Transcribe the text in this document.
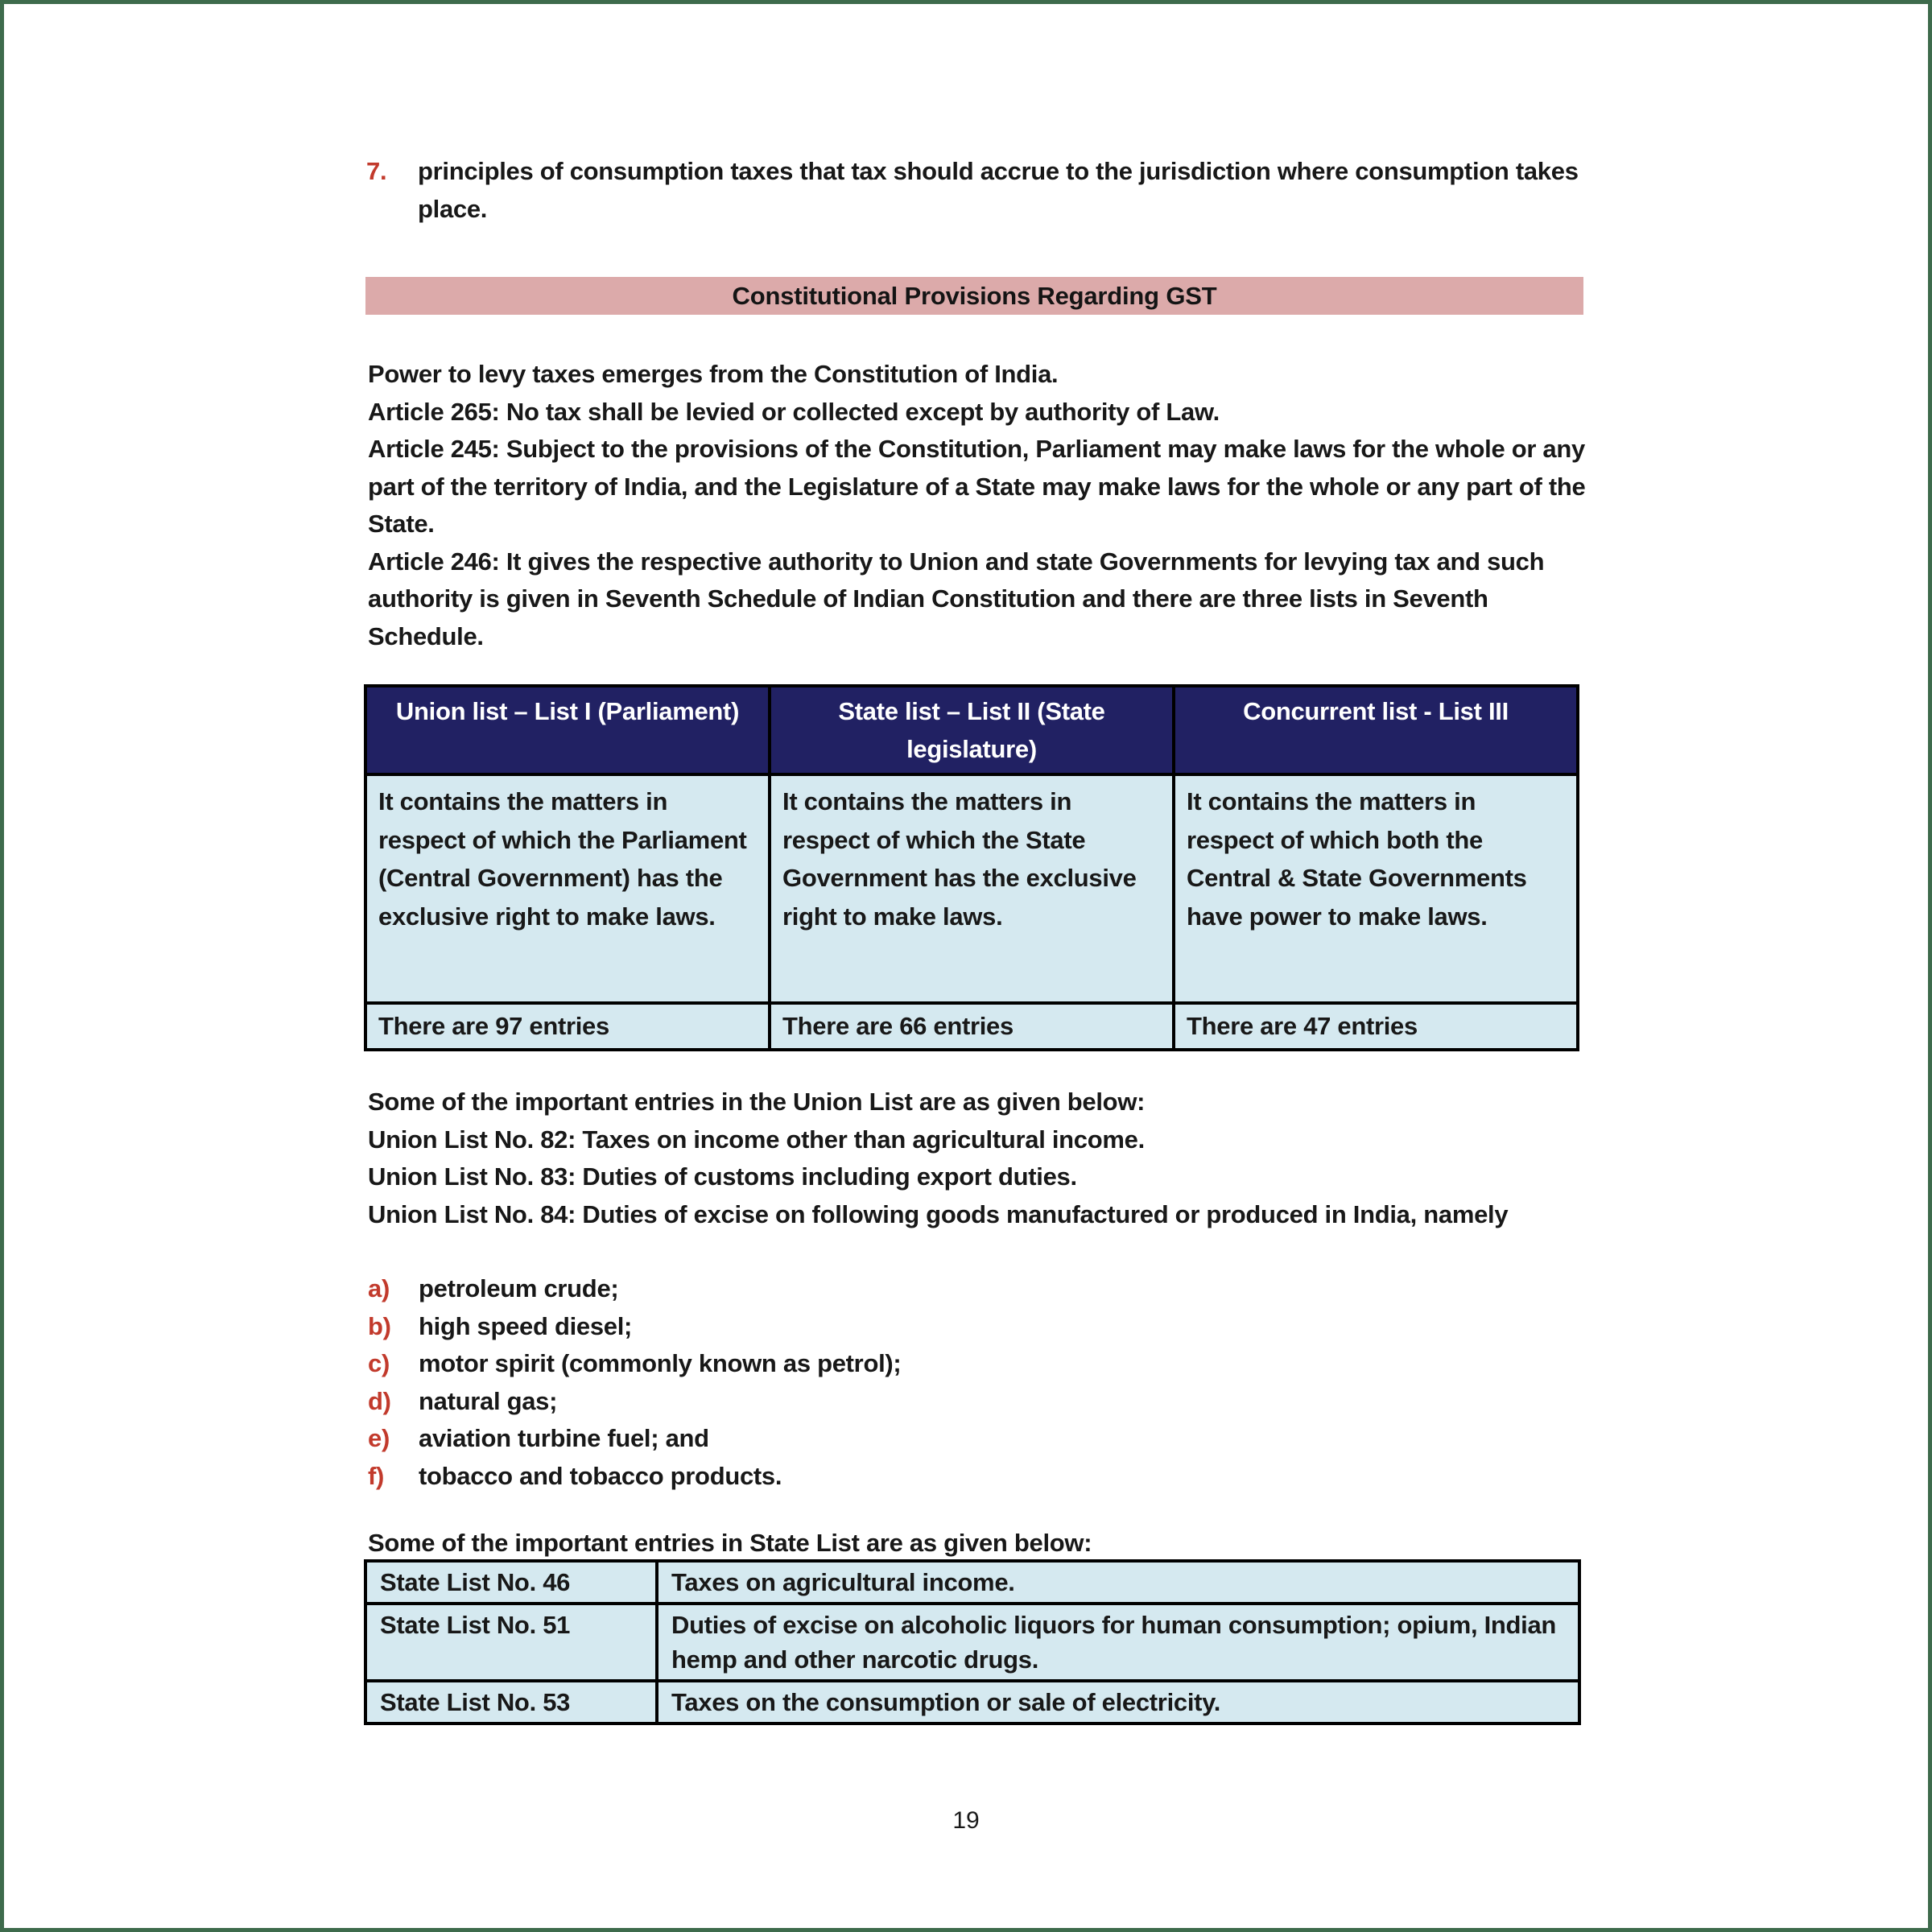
7.	principles of consumption taxes that tax should accrue to the jurisdiction where consumption takes place.
Constitutional Provisions Regarding GST

Power to levy taxes emerges from the Constitution of India.

Article 265: No tax shall be levied or collected except by authority of Law.

Article 245: Subject to the provisions of the Constitution, Parliament may make laws for the whole or any part of the territory of India, and the Legislature of a State may make laws for the whole or any part of the State.

Article 246: It gives the respective authority to Union and state Governments for levying tax and such authority is given in Seventh Schedule of Indian Constitution and there are three lists in Seventh Schedule.

Union list – List I (Parliament)	State list – List II (State legislature)	Concurrent list - List III
It contains the matters in respect of which the Parliament (Central Government) has the exclusive right to make laws.	It contains the matters in respect of which the State Government has the exclusive right to make laws.	It contains the matters in respect of which both the Central & State Governments have power to make laws.
There are 97 entries	There are 66 entries	There are 47 entries

Some of the important entries in the Union List are as given below:

Union List No. 82: Taxes on income other than agricultural income.

Union List No. 83: Duties of customs including export duties.

Union List No. 84: Duties of excise on following goods manufactured or produced in India, namely

a)	petroleum crude;
b)	high speed diesel;
c)	motor spirit (commonly known as petrol);
d)	natural gas;
e)	aviation turbine fuel; and
f)	tobacco and tobacco products.
Some of the important entries in State List are as given below:
State List No. 46	Taxes on agricultural income.
State List No. 51	Duties of excise on alcoholic liquors for human consumption; opium, Indian hemp and other narcotic drugs.
State List No. 53	Taxes on the consumption or sale of electricity.
19
